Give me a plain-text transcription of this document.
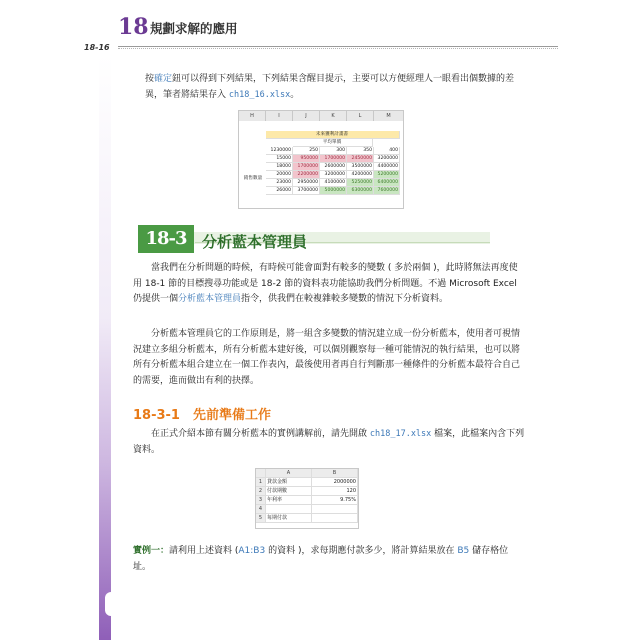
18 規劃求解的應用
18-16

按確定鈕可以得到下列結果，下列結果含醒目提示，主要可以方便經理人一眼看出個數據的差異，筆者將結果存入 ch18_16.xlsx。

H	I	J	K	L	M
未來獲利計畫書
平均單價
1230000	250	300	350	400
銷售數量
15000	950000	1700000	2450000	3200000
18000	1700000	2600000	3500000	4400000
20000	2200000	3200000	4200000	5200000
23000	2950000	4100000	5250000	6400000
26000	3700000	5000000	6300000	7600000
18-3	分析藍本管理員

當我們在分析問題的時候，有時候可能會面對有較多的變數 ( 多於兩個 )，此時將無法再度使用 18-1 節的目標搜尋功能或是 18-2 節的資料表功能協助我們分析問題。不過 Microsoft Excel 仍提供一個分析藍本管理員指令，供我們在較複雜較多變數的情況下分析資料。

分析藍本管理員它的工作原則是，將一組含多變數的情況建立成一份分析藍本，使用者可視情況建立多組分析藍本，所有分析藍本建好後，可以個別觀察每一種可能情況的執行結果，也可以將所有分析藍本組合建立在一個工作表內，最後使用者再自行判斷那一種條件的分析藍本最符合自己的需要，進而做出有利的抉擇。

18-3-1　先前準備工作

在正式介紹本節有關分析藍本的實例講解前，請先開啟 ch18_17.xlsx 檔案，此檔案內含下列資料。

A	B
1 貸款金額	2000000
2 付款期數	120
3 年利率	9.75%
4
5 每期付款

實例一：請利用上述資料 (A1:B3 的資料 )，求每期應付款多少，將計算結果放在 B5 儲存格位址。
